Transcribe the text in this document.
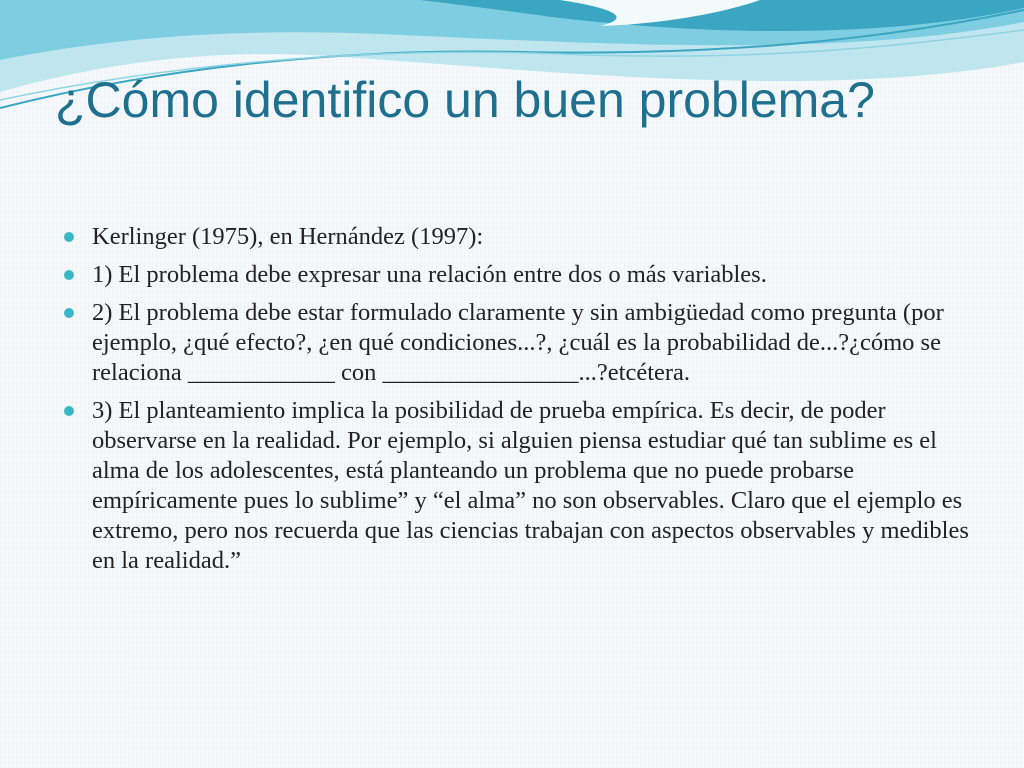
¿Cómo identifico un buen problema?
Kerlinger (1975), en Hernández (1997):
1) El problema debe expresar una relación entre dos o más variables.
2) El problema debe estar formulado claramente y sin ambigüedad como pregunta (por ejemplo, ¿qué efecto?, ¿en qué condiciones...?, ¿cuál es la probabilidad de...?¿cómo se relaciona ____________ con ________________...?etcétera.
3) El planteamiento implica la posibilidad de prueba empírica. Es decir, de poder observarse en la realidad. Por ejemplo, si alguien piensa estudiar qué tan sublime es el alma de los adolescentes, está planteando un problema que no puede probarse empíricamente pues lo sublime” y “el alma” no son observables. Claro que el ejemplo es extremo, pero nos recuerda que las ciencias trabajan con aspectos observables y medibles en la realidad.”
